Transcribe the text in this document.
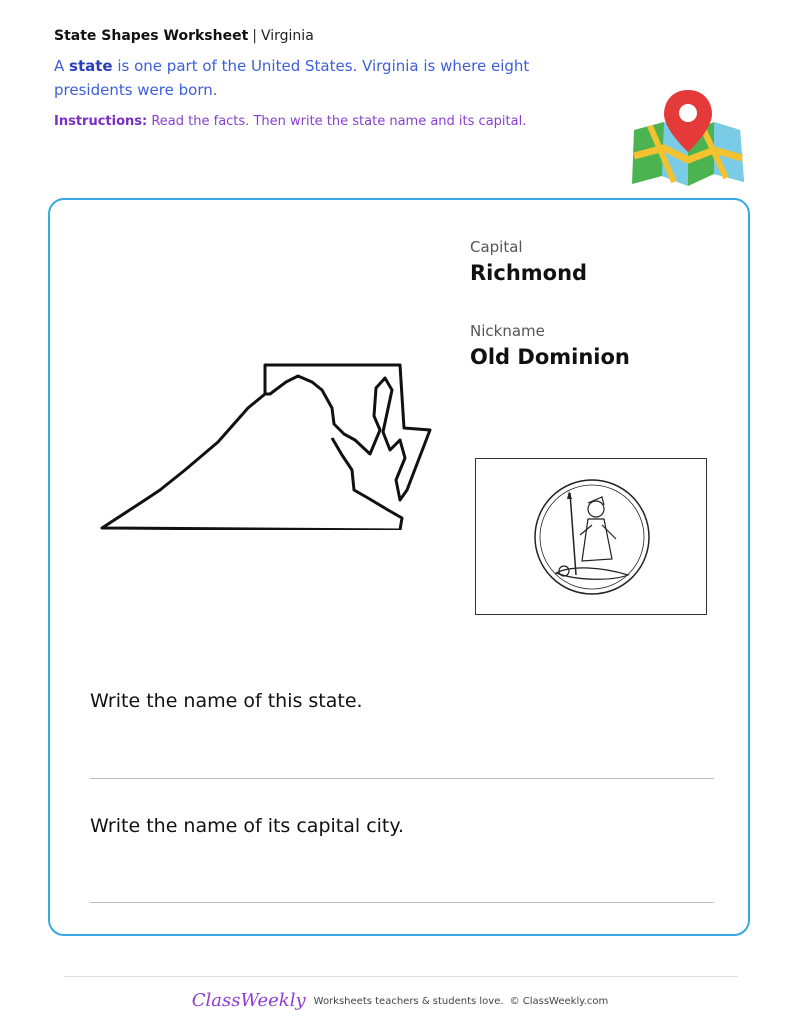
State Shapes Worksheet | Virginia
A state is one part of the United States. Virginia is where eight presidents were born.
Instructions: Read the facts. Then write the state name and its capital.
Capital
Richmond
Nickname
Old Dominion
Write the name of this state.
Write the name of its capital city.
ClassWeekly Worksheets teachers & students love. © ClassWeekly.com
